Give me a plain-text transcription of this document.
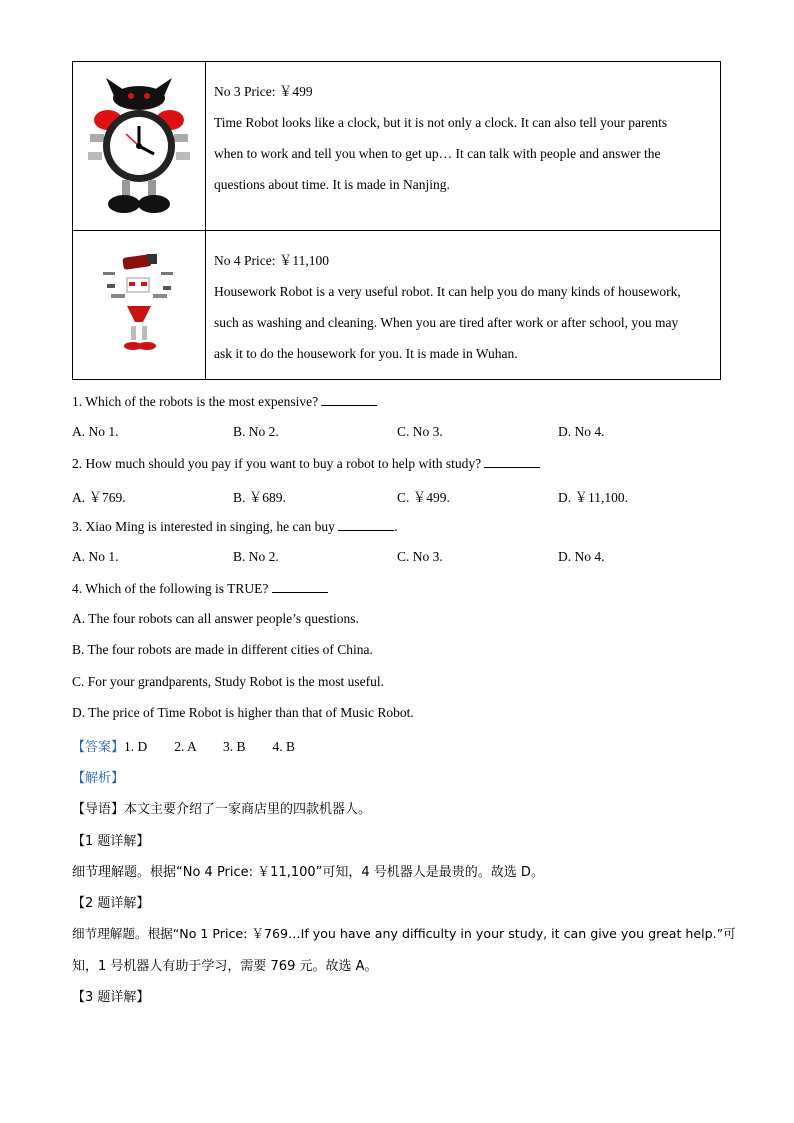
No 3 Price: ￥499
Time Robot looks like a clock, but it is not only a clock. It can also tell your parents
when to work and tell you when to get up… It can talk with people and answer the
questions about time. It is made in Nanjing.

No 4 Price: ￥11,100
Housework Robot is a very useful robot. It can help you do many kinds of housework,
such as washing and cleaning. When you are tired after work or after school, you may
ask it to do the housework for you. It is made in Wuhan.
1. Which of the robots is the most expensive?
A. No 1.	B. No 2.	C. No 3.	D. No 4.
2. How much should you pay if you want to buy a robot to help with study?
A. ￥769.	B. ￥689.	C. ￥499.	D. ￥11,100.
3. Xiao Ming is interested in singing, he can buy	.
A. No 1.	B. No 2.	C. No 3.	D. No 4.
4. Which of the following is TRUE?
A. The four robots can all answer people’s questions.
B. The four robots are made in different cities of China.
C. For your grandparents, Study Robot is the most useful.
D. The price of Time Robot is higher than that of Music Robot.
【答案】1. D        2. A        3. B        4. B
【解析】
【导语】本文主要介绍了一家商店里的四款机器人。
【1 题详解】
细节理解题。根据“No 4 Price: ￥11,100”可知，4 号机器人是最贵的。故选 D。
【2 题详解】
细节理解题。根据“No 1 Price: ￥769…If you have any difficulty in your study, it can give you great help.”可
知，1 号机器人有助于学习，需要 769 元。故选 A。
【3 题详解】
